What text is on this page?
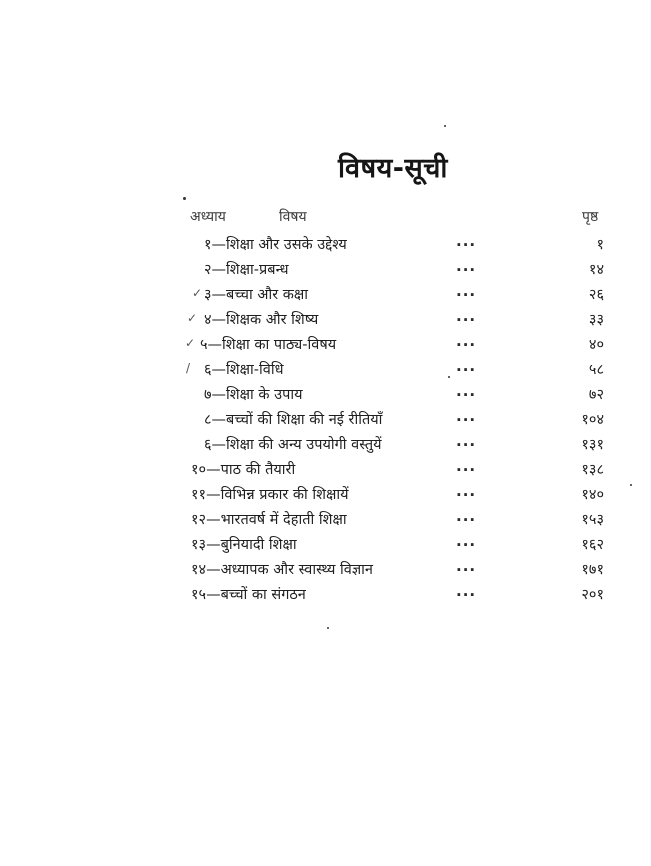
विषय-सूची
अध्याय	विषय	पृष्ठ
१—शिक्षा और उसके उद्देश्य	...	१
२—शिक्षा-प्रबन्ध	...	१४
✓ ३—बच्चा और कक्षा	...	२६
✓ ४—शिक्षक और शिष्य	...	३३
✓ ५—शिक्षा का पाठ्य-विषय	...	४०
/ ६—शिक्षा-विधि	...	५८
७—शिक्षा के उपाय	...	७२
८—बच्चों की शिक्षा की नई रीतियाँ	...	१०४
६—शिक्षा की अन्य उपयोगी वस्तुयें	...	१३१
१०—पाठ की तैयारी	...	१३८
११—विभिन्न प्रकार की शिक्षायें	...	१४०
१२—भारतवर्ष में देहाती शिक्षा	...	१५३
१३—बुनियादी शिक्षा	...	१६२
१४—अध्यापक और स्वास्थ्य विज्ञान	...	१७१
१५—बच्चों का संगठन	...	२०१
